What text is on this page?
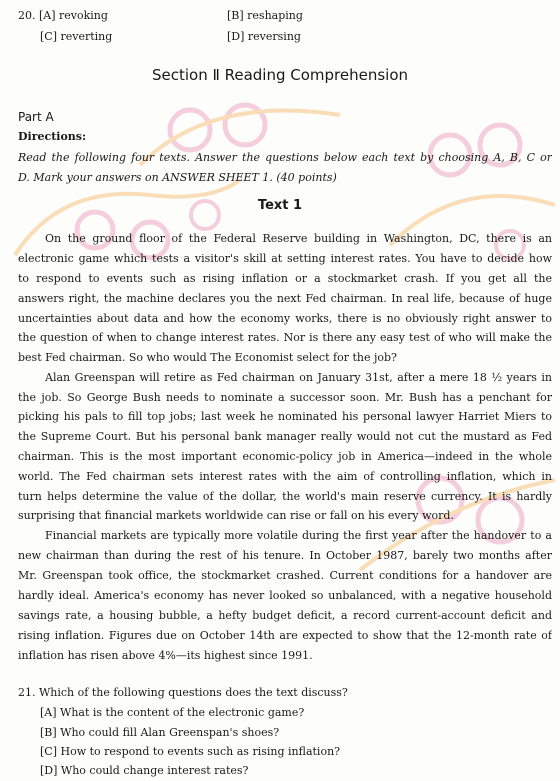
20. [A] revoking	[B] reshaping
[C] reverting	[D] reversing
Section Ⅱ Reading Comprehension
Part A
Directions:
Read the following four texts. Answer the questions below each text by choosing A, B, C or
D. Mark your answers on ANSWER SHEET 1. (40 points)
Text 1
On the ground floor of the Federal Reserve building in Washington, DC, there is an
electronic game which tests a visitor's skill at setting interest rates. You have to decide how
to respond to events such as rising inflation or a stockmarket crash. If you get all the
answers right, the machine declares you the next Fed chairman. In real life, because of huge
uncertainties about data and how the economy works, there is no obviously right answer to
the question of when to change interest rates. Nor is there any easy test of who will make the
best Fed chairman. So who would The Economist select for the job?
Alan Greenspan will retire as Fed chairman on January 31st, after a mere 18 ½ years in
the job. So George Bush needs to nominate a successor soon. Mr. Bush has a penchant for
picking his pals to fill top jobs; last week he nominated his personal lawyer Harriet Miers to
the Supreme Court. But his personal bank manager really would not cut the mustard as Fed
chairman. This is the most important economic-policy job in America—indeed in the whole
world. The Fed chairman sets interest rates with the aim of controlling inflation, which in
turn helps determine the value of the dollar, the world's main reserve currency. It is hardly
surprising that financial markets worldwide can rise or fall on his every word.
Financial markets are typically more volatile during the first year after the handover to a
new chairman than during the rest of his tenure. In October 1987, barely two months after
Mr. Greenspan took office, the stockmarket crashed. Current conditions for a handover are
hardly ideal. America's economy has never looked so unbalanced, with a negative household
savings rate, a housing bubble, a hefty budget deficit, a record current-account deficit and
rising inflation. Figures due on October 14th are expected to show that the 12-month rate of
inflation has risen above 4%—its highest since 1991.
21. Which of the following questions does the text discuss?
[A] What is the content of the electronic game?
[B] Who could fill Alan Greenspan's shoes?
[C] How to respond to events such as rising inflation?
[D] Who could change interest rates?
